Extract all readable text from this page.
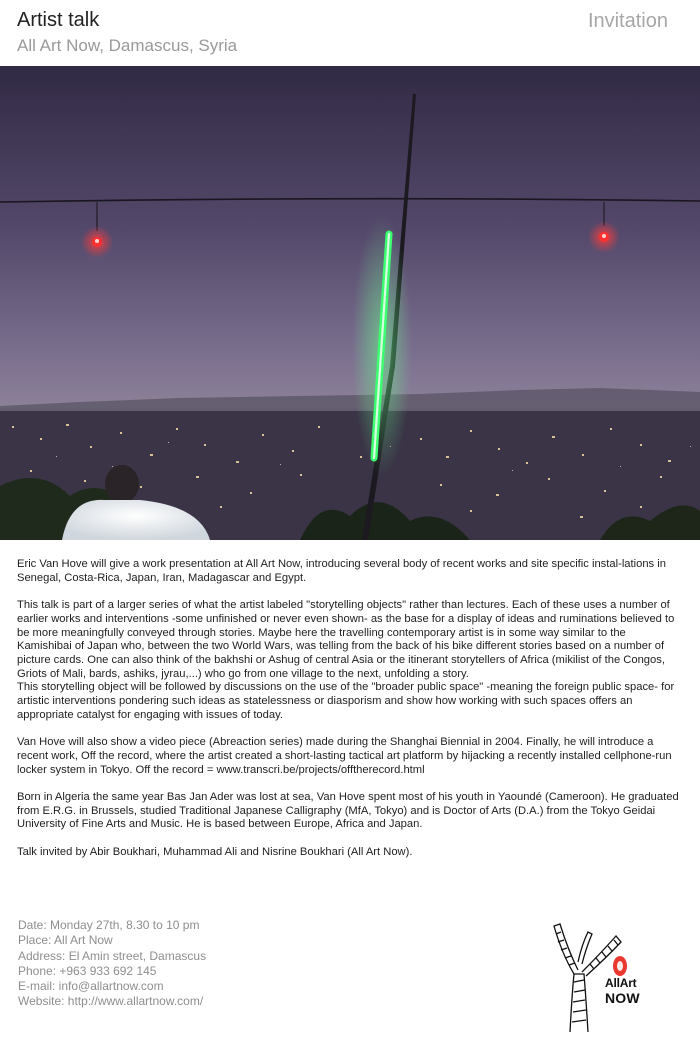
Artist talk
All Art Now, Damascus, Syria
Invitation

Eric Van Hove will give a work presentation at All Art Now, introducing several body of recent works and site specific instal-lations in Senegal, Costa-Rica, Japan, Iran, Madagascar and Egypt.

This talk is part of a larger series of what the artist labeled "storytelling objects" rather than lectures. Each of these uses a number of earlier works and interventions -some unfinished or never even shown- as the base for a display of ideas and ruminations believed to be more meaningfully conveyed through stories. Maybe here the travelling contemporary artist is in some way similar to the Kamishibai of Japan who, between the two World Wars, was telling from the back of his bike different stories based on a number of picture cards. One can also think of the bakhshi or Ashug of central Asia or the itinerant storytellers of Africa (mikilist of the Congos, Griots of Mali, bards, ashiks, jyrau,...) who go from one village to the next, unfolding a story.

This storytelling object will be followed by discussions on the use of the "broader public space" -meaning the foreign public space- for artistic interventions pondering such ideas as statelessness or diasporism and show how working with such spaces offers an appropriate catalyst for engaging with issues of today.

Van Hove will also show a video piece (Abreaction series) made during the Shanghai Biennial in 2004. Finally, he will introduce a recent work, Off the record, where the artist created a short-lasting tactical art platform by hijacking a recently installed cellphone-run locker system in Tokyo. Off the record = www.transcri.be/projects/offtherecord.html

Born in Algeria the same year Bas Jan Ader was lost at sea, Van Hove spent most of his youth in Yaoundé (Cameroon). He graduated from E.R.G. in Brussels, studied Traditional Japanese Calligraphy (MfA, Tokyo) and is Doctor of Arts (D.A.) from the Tokyo Geidai University of Fine Arts and Music. He is based between Europe, Africa and Japan.

Talk invited by Abir Boukhari, Muhammad Ali and Nisrine Boukhari (All Art Now).

Date: Monday 27th, 8.30 to 10 pm
Place: All Art Now
Address: El Amin street, Damascus
Phone: +963 933 692 145
E-mail: info@allartnow.com
Website: http://www.allartnow.com/
AllArt
NOW
